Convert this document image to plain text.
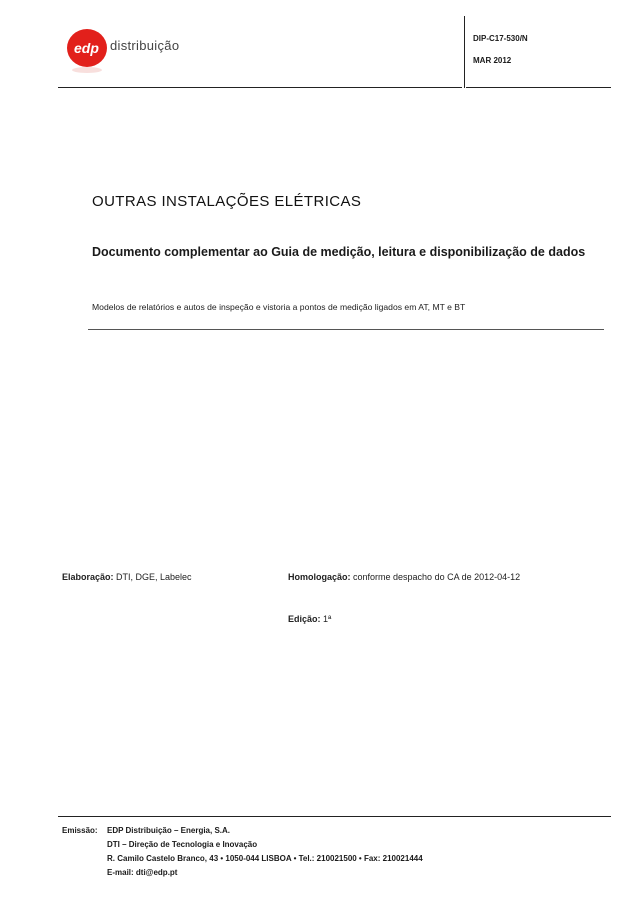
edp distribuição	DIP-C17-530/N
MAR 2012
OUTRAS INSTALAÇÕES ELÉTRICAS
Documento complementar ao Guia de medição, leitura e disponibilização de dados
Modelos de relatórios e autos de inspeção e vistoria a pontos de medição ligados em AT, MT e BT
Elaboração: DTI, DGE, Labelec	Homologação: conforme despacho do CA de 2012-04-12
Edição: 1ª
Emissão: EDP Distribuição – Energia, S.A.
DTI – Direção de Tecnologia e Inovação
R. Camilo Castelo Branco, 43 • 1050-044 LISBOA • Tel.: 210021500 • Fax: 210021444
E-mail: dti@edp.pt
